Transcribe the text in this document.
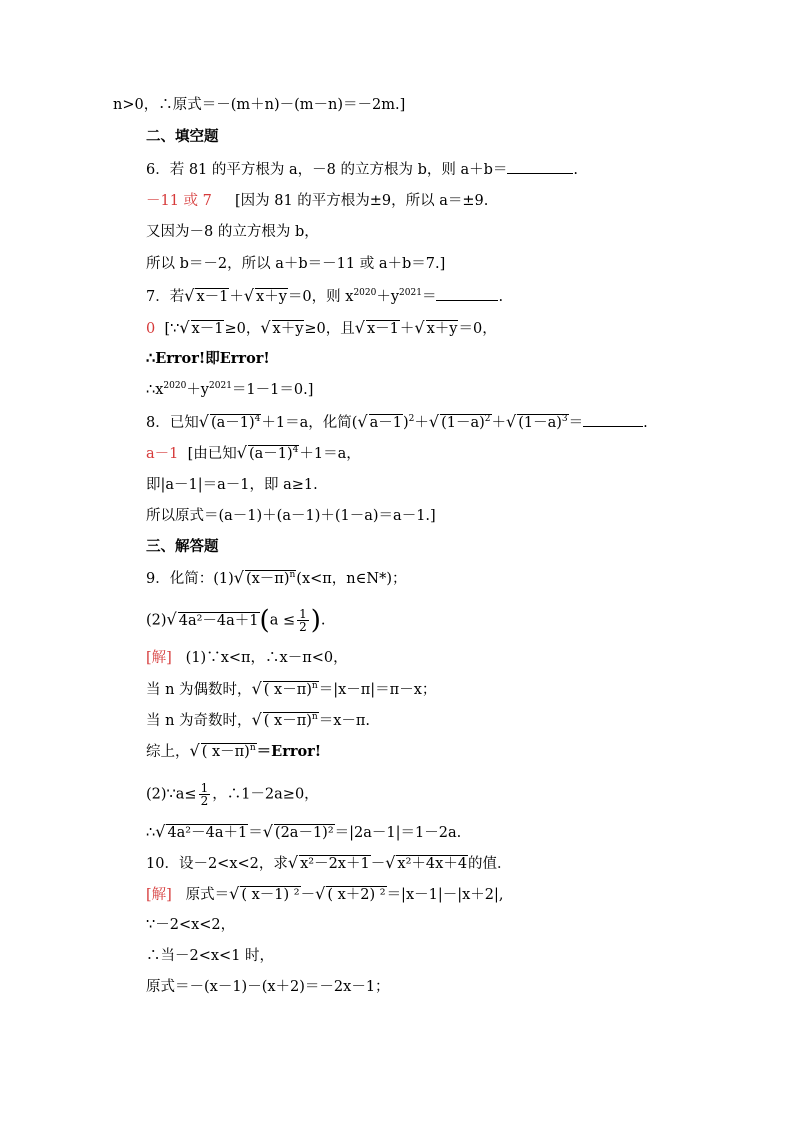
n>0，∴原式＝－(m＋n)－(m－n)＝－2m.]
二、填空题
6．若 81 的平方根为 a，－8 的立方根为 b，则 a＋b＝	.
－11 或 7 [因为 81 的平方根为±9，所以 a＝±9.
又因为－8 的立方根为 b，
所以 b＝－2，所以 a＋b＝－11 或 a＋b＝7.]
7．若√ x－1＋√ x＋y＝0，则 $x^{2020}+y^{2021}=$	.
0 [∵√ x－1≥0，√ x＋y≥0，且√ x－1＋√ x＋y＝0，
∴Error!即Error!
$\therefore x^{2020}+y^{2021}=1-1=0$.]
8．已知√ $(a-1)^4+1=a$，化简(√ a－1)$^2$＋√ $(1-a)^2+√$ $(1-a)^3=$	.
a－1 [由已知√ $(a-1)^4+1=a$，
即|a－1|＝a－1，即 a≥1.
所以原式＝(a－1)＋(a－1)＋(1－a)＝a－1.]
三、解答题
9．化简：(1)√ $(x-\pi)^n(x<\pi$，n∈N*)；
(2)√ $4a^2-4a+1(a \le \frac{1}{2}$ ).
[解] (1)∵x<π，∴x－π<0，
当 n 为偶数时，√ ( x－π)$^n$＝|x－π|＝π－x；
当 n 为奇数时，√ ( x－π)$^n$＝x－π.
综上，√ ( x－π)$^n$＝Error!
(2)∵a≤ $\frac{1}{2}$ ，∴1－2a≥0，
∴√ 4a²－4a＋1＝√ (2a－1)²＝|2a－1|＝1－2a.
10．设－2<x<2，求√ x²－2x＋1－√ x²＋4x＋4的值．
[解] 原式＝√ ( x－1) ²－√ ( x＋2) ²＝|x－1|－|x＋2|,
∵－2<x<2，
∴当－2<x<1 时，
原式＝－(x－1)－(x＋2)＝－2x－1；
